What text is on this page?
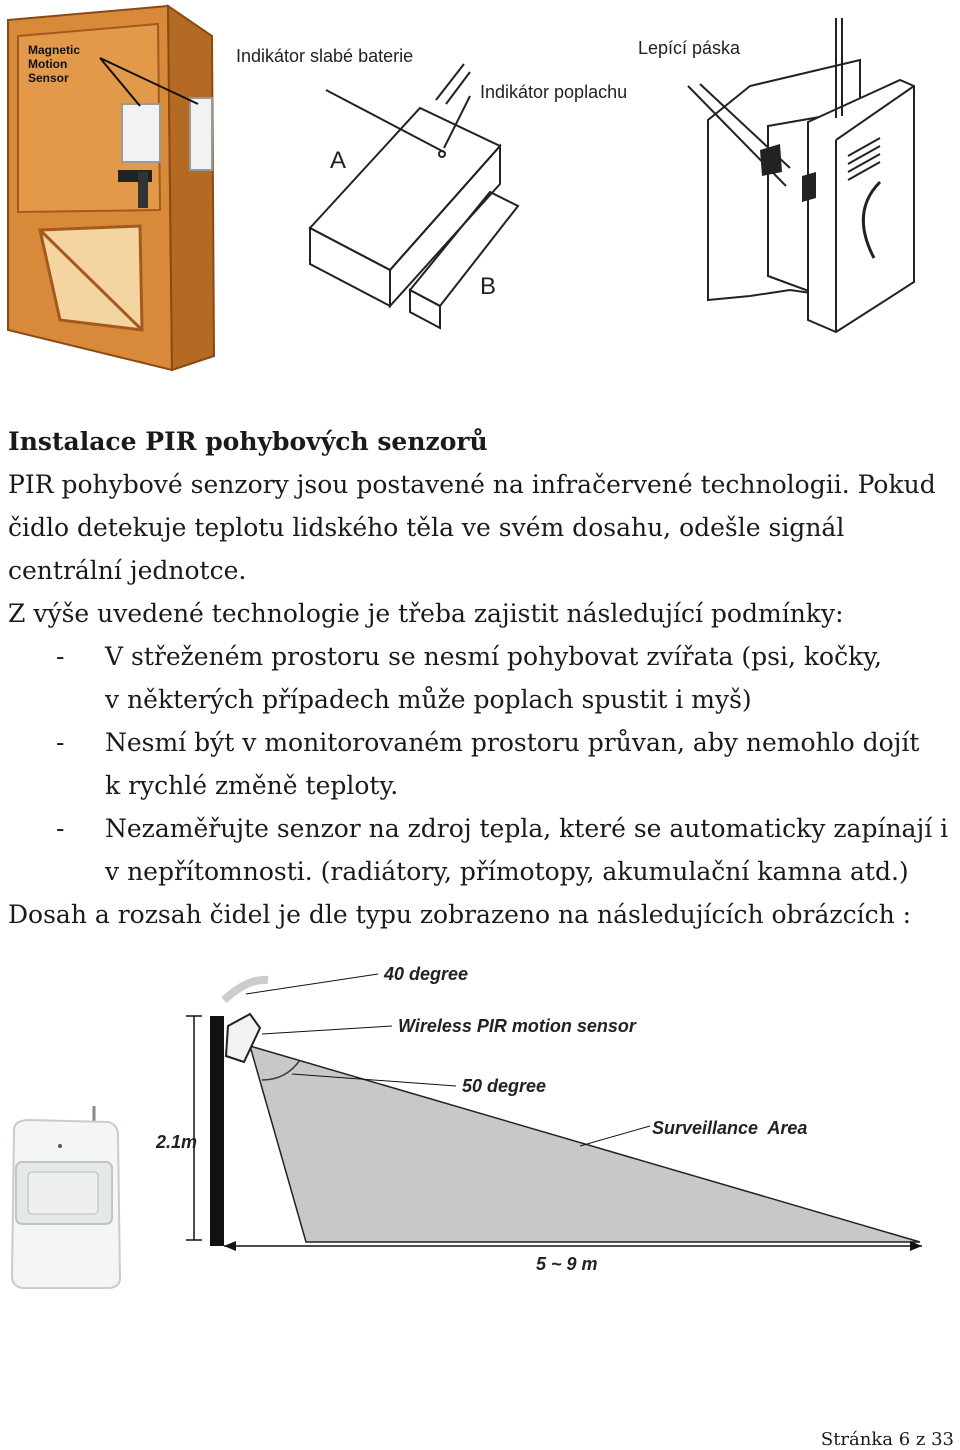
Magnetic
Motion
Sensor
Indikátor slabé baterie
Indikátor poplachu
A
B
Lepící páska

Instalace PIR pohybových senzorů

PIR pohybové senzory jsou postavené na infračervené technologii. Pokud

čidlo detekuje teplotu lidského těla ve svém dosahu, odešle signál

centrální jednotce.

Z výše uvedené technologie je třeba zajistit následující podmínky:

- V střeženém prostoru se nesmí pohybovat zvířata (psi, kočky,

v některých případech může poplach spustit i myš)

- Nesmí být v monitorovaném prostoru průvan, aby nemohlo dojít

k rychlé změně teploty.

- Nezaměřujte senzor na zdroj tepla, které se automaticky zapínají i

v nepřítomnosti. (radiátory, přímotopy, akumulační kamna atd.)

Dosah a rozsah čidel je dle typu zobrazeno na následujících obrázcích :

40 degree
Wireless PIR motion sensor
50 degree
Surveillance  Area
2.1m
5 ~ 9 m
Stránka 6 z 33
